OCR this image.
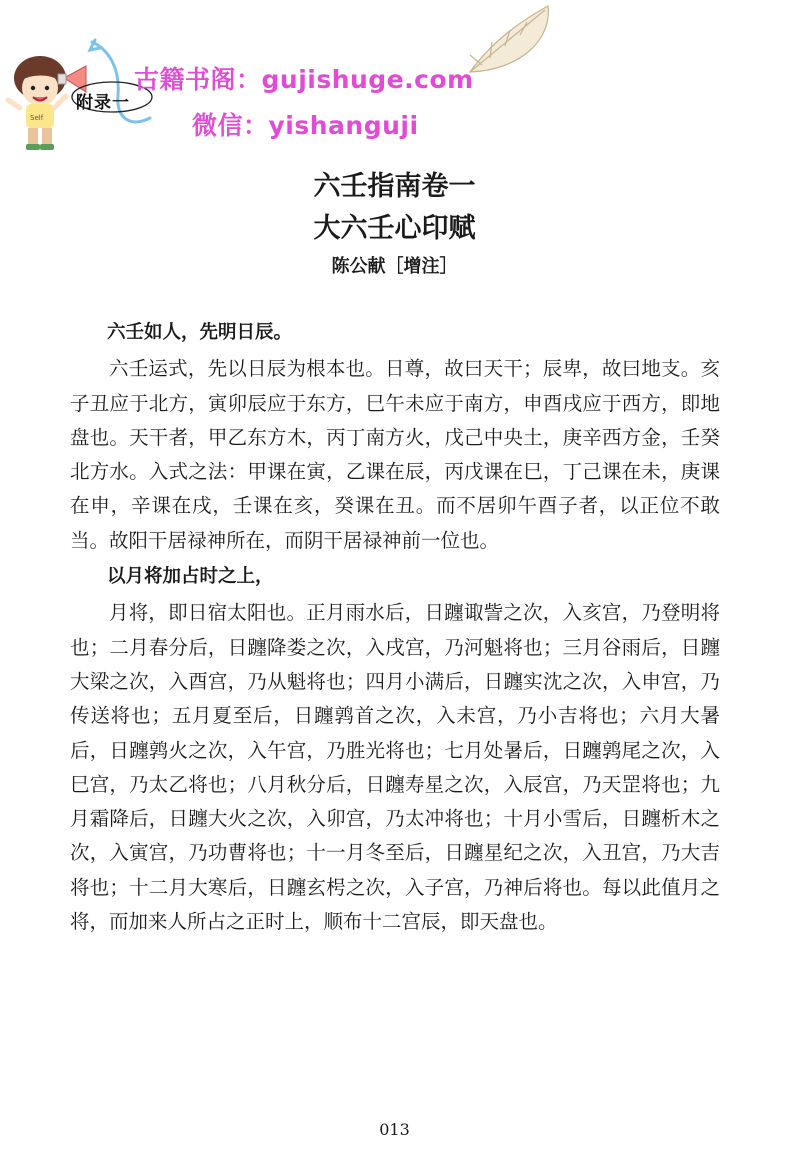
Self
附录一
古籍书阁：gujishuge.com
微信：yishanguji
六壬指南卷一
大六壬心印赋
陈公献［增注］

六壬如人，先明日辰。

六壬运式，先以日辰为根本也。日尊，故曰天干；辰卑，故曰地支。亥子丑应于北方，寅卯辰应于东方，巳午未应于南方，申酉戌应于西方，即地盘也。天干者，甲乙东方木，丙丁南方火，戊己中央土，庚辛西方金，壬癸北方水。入式之法：甲课在寅，乙课在辰，丙戊课在巳，丁己课在未，庚课在申，辛课在戌，壬课在亥，癸课在丑。而不居卯午酉子者，以正位不敢当。故阳干居禄神所在，而阴干居禄神前一位也。

以月将加占时之上，

月将，即日宿太阳也。正月雨水后，日躔诹訾之次，入亥宫，乃登明将也；二月春分后，日躔降娄之次，入戌宫，乃河魁将也；三月谷雨后，日躔大梁之次，入酉宫，乃从魁将也；四月小满后，日躔实沈之次，入申宫，乃传送将也；五月夏至后，日躔鹑首之次，入未宫，乃小吉将也；六月大暑后，日躔鹑火之次，入午宫，乃胜光将也；七月处暑后，日躔鹑尾之次，入巳宫，乃太乙将也；八月秋分后，日躔寿星之次，入辰宫，乃天罡将也；九月霜降后，日躔大火之次，入卯宫，乃太冲将也；十月小雪后，日躔析木之次，入寅宫，乃功曹将也；十一月冬至后，日躔星纪之次，入丑宫，乃大吉将也；十二月大寒后，日躔玄枵之次，入子宫，乃神后将也。每以此值月之将，而加来人所占之正时上，顺布十二宫辰，即天盘也。

013
